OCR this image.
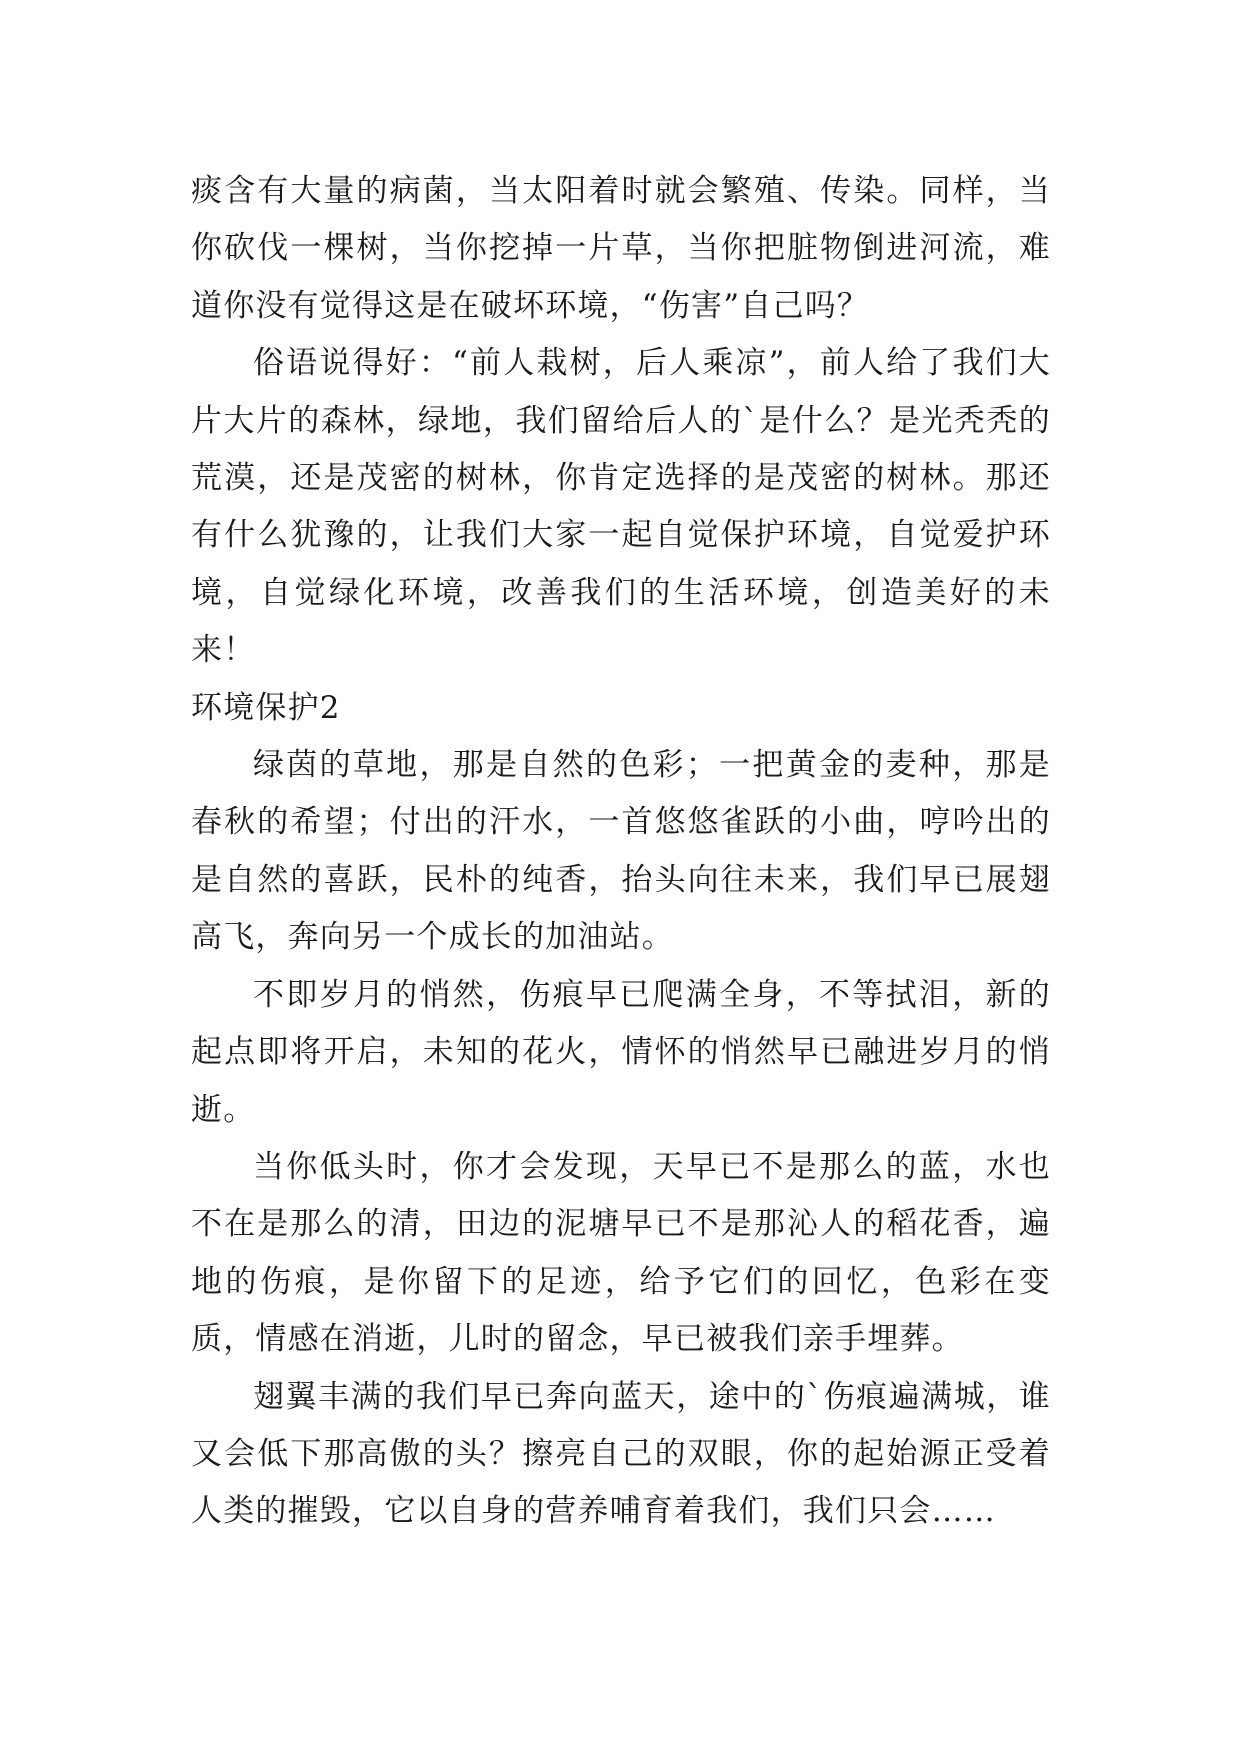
痰含有大量的病菌，当太阳着时就会繁殖、传染。同样，当你砍伐一棵树，当你挖掉一片草，当你把脏物倒进河流，难道你没有觉得这是在破坏环境，“伤害”自己吗？

俗语说得好：“前人栽树，后人乘凉”，前人给了我们大片大片的森林，绿地，我们留给后人的`是什么？是光秃秃的荒漠，还是茂密的树林，你肯定选择的是茂密的树林。那还有什么犹豫的，让我们大家一起自觉保护环境，自觉爱护环境，自觉绿化环境，改善我们的生活环境，创造美好的未来！

环境保护2

绿茵的草地，那是自然的色彩；一把黄金的麦种，那是春秋的希望；付出的汗水，一首悠悠雀跃的小曲，哼吟出的是自然的喜跃，民朴的纯香，抬头向往未来，我们早已展翅高飞，奔向另一个成长的加油站。

不即岁月的悄然，伤痕早已爬满全身，不等拭泪，新的起点即将开启，未知的花火，情怀的悄然早已融进岁月的悄逝。

当你低头时，你才会发现，天早已不是那么的蓝，水也不在是那么的清，田边的泥塘早已不是那沁人的稻花香，遍地的伤痕，是你留下的足迹，给予它们的回忆，色彩在变质，情感在消逝，儿时的留念，早已被我们亲手埋葬。

翅翼丰满的我们早已奔向蓝天，途中的`伤痕遍满城，谁又会低下那高傲的头？擦亮自己的双眼，你的起始源正受着人类的摧毁，它以自身的营养哺育着我们，我们只会……
